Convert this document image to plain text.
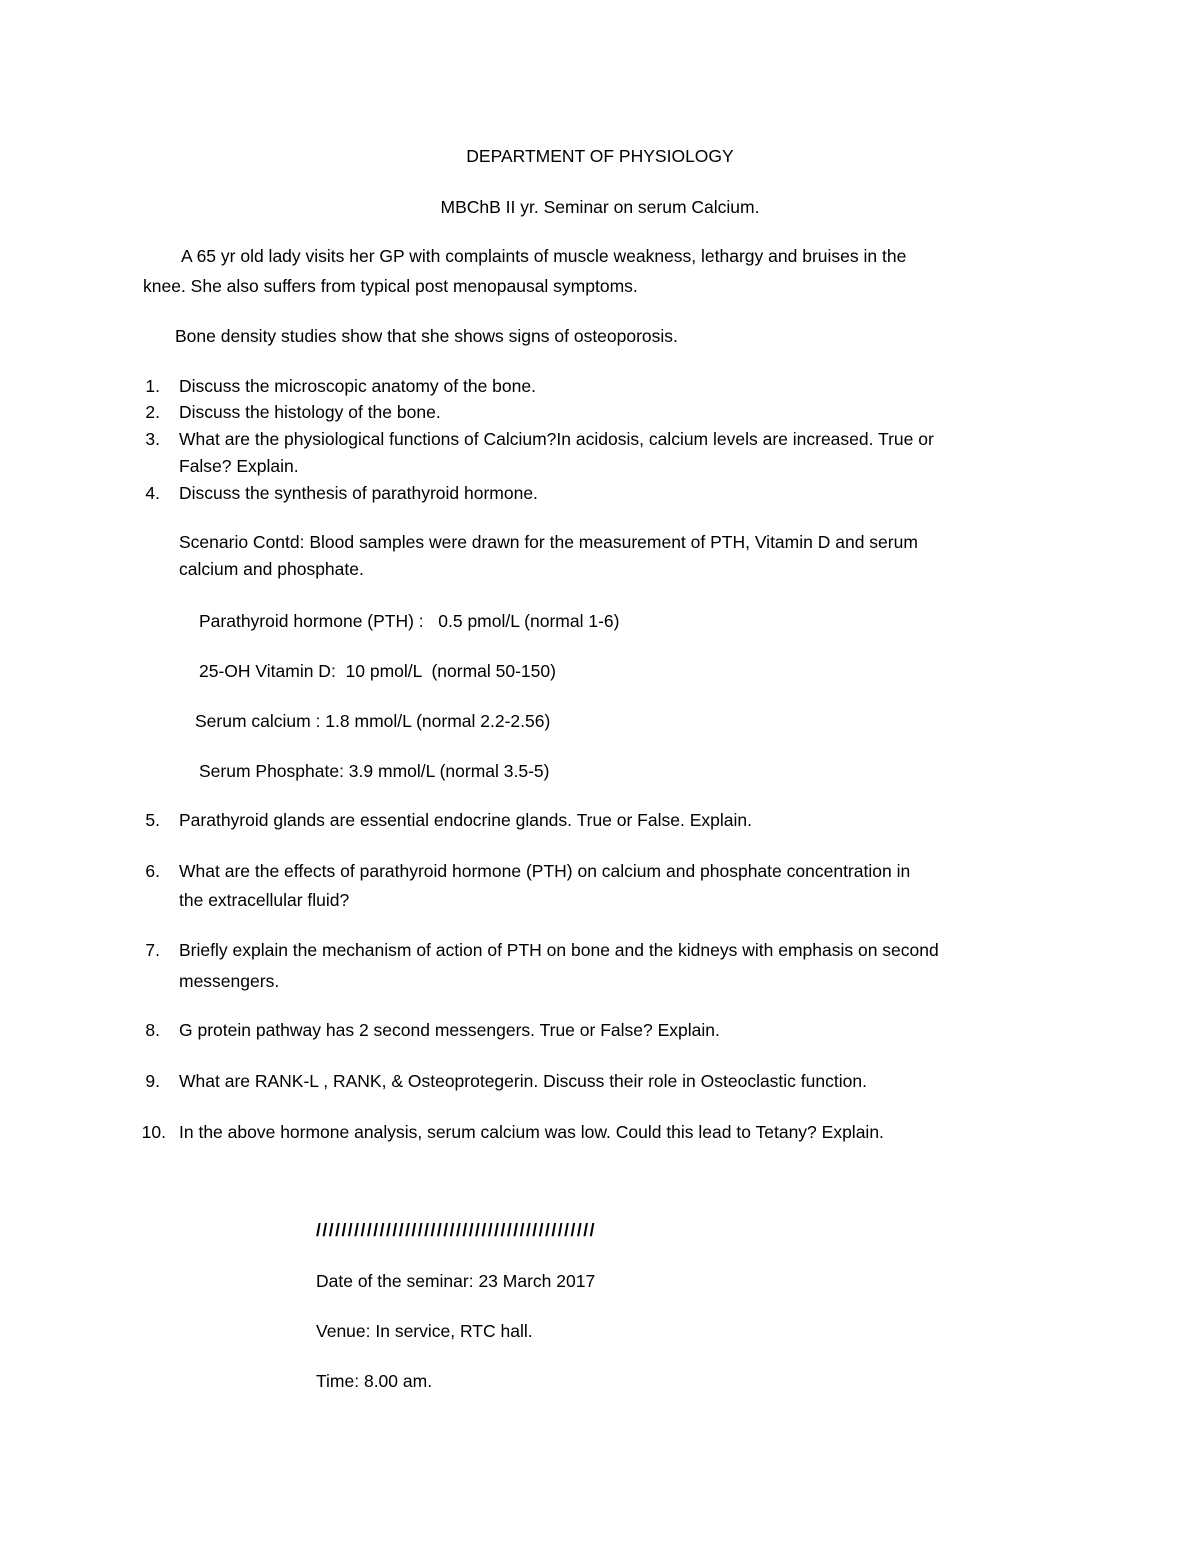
DEPARTMENT OF PHYSIOLOGY
MBChB II yr. Seminar on serum Calcium.
A 65 yr old lady visits her GP with complaints of muscle weakness, lethargy and bruises in the
knee. She also suffers from typical post menopausal symptoms.
Bone density studies show that she shows signs of osteoporosis.
1. Discuss the microscopic anatomy of the bone.
2. Discuss the histology of the bone.
3. What are the physiological functions of Calcium?In acidosis, calcium levels are increased. True or
False? Explain.
4. Discuss the synthesis of parathyroid hormone.
Scenario Contd: Blood samples were drawn for the measurement of PTH, Vitamin D and serum
calcium and phosphate.
Parathyroid hormone (PTH) :   0.5 pmol/L (normal 1-6)
25-OH Vitamin D:  10 pmol/L  (normal 50-150)
Serum calcium : 1.8 mmol/L (normal 2.2-2.56)
Serum Phosphate: 3.9 mmol/L (normal 3.5-5)
5. Parathyroid glands are essential endocrine glands. True or False. Explain.
6. What are the effects of parathyroid hormone (PTH) on calcium and phosphate concentration in
the extracellular fluid?
7. Briefly explain the mechanism of action of PTH on bone and the kidneys with emphasis on second
messengers.
8. G protein pathway has 2 second messengers. True or False? Explain.
9. What are RANK-L , RANK, & Osteoprotegerin. Discuss their role in Osteoclastic function.
10. In the above hormone analysis, serum calcium was low. Could this lead to Tetany? Explain.
////////////////////////////////////////////
Date of the seminar: 23 March 2017
Venue: In service, RTC hall.
Time: 8.00 am.
